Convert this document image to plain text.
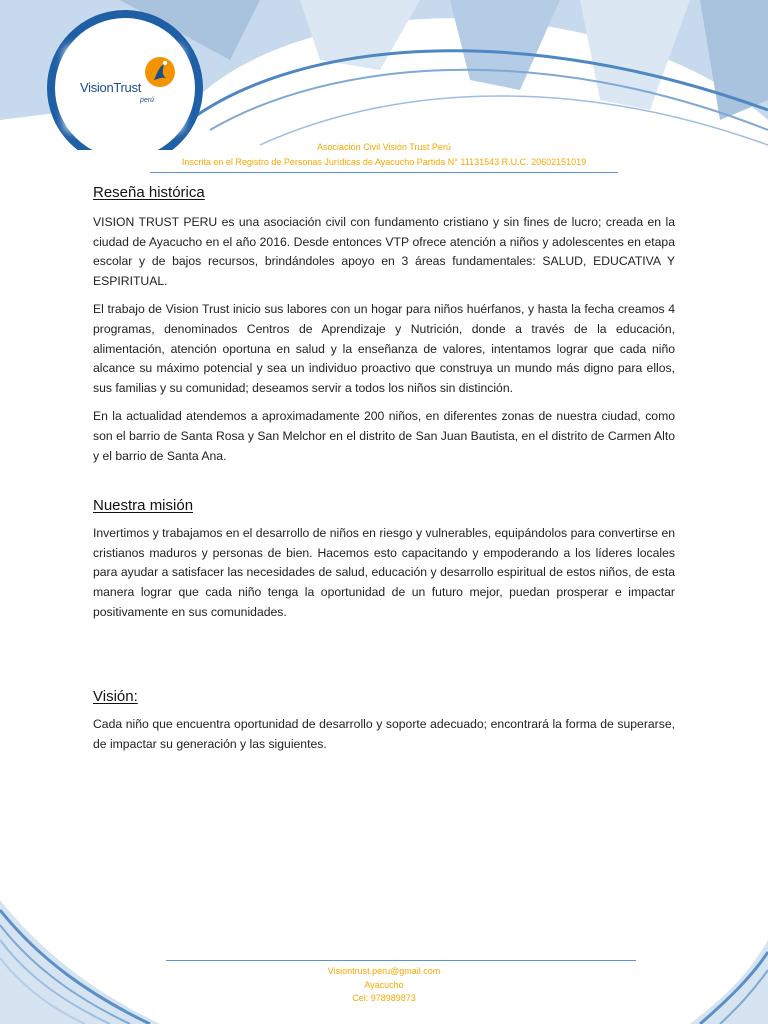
VisionTrust
perú
Asociación Civil Visión Trust Perú
Inscrita en el Registro de Personas Jurídicas de Ayacucho Partida N° 11131543 R.U.C. 20602151019
Reseña histórica

VISION TRUST PERU es una asociación civil con fundamento cristiano y sin fines de lucro; creada en la ciudad de Ayacucho en el año 2016. Desde entonces VTP ofrece atención a niños y adolescentes en etapa escolar y de bajos recursos, brindándoles apoyo en 3 áreas fundamentales: SALUD, EDUCATIVA Y ESPIRITUAL.

El trabajo de Vision Trust inicio sus labores con un hogar para niños huérfanos, y hasta la fecha creamos 4 programas, denominados Centros de Aprendizaje y Nutrición, donde a través de la educación, alimentación, atención oportuna en salud y la enseñanza de valores, intentamos lograr que cada niño alcance su máximo potencial y sea un individuo proactivo que construya un mundo más digno para ellos, sus familias y su comunidad; deseamos servir a todos los niños sin distinción.

En la actualidad atendemos a aproximadamente 200 niños, en diferentes zonas de nuestra ciudad, como son el barrio de Santa Rosa y San Melchor en el distrito de San Juan Bautista, en el distrito de Carmen Alto y el barrio de Santa Ana.

Nuestra misión

Invertimos y trabajamos en el desarrollo de niños en riesgo y vulnerables, equipándolos para convertirse en cristianos maduros y personas de bien. Hacemos esto capacitando y empoderando a los líderes locales para ayudar a satisfacer las necesidades de salud, educación y desarrollo espiritual de estos niños, de esta manera lograr que cada niño tenga la oportunidad de un futuro mejor, puedan prosperar e impactar positivamente en sus comunidades.

Visión:

Cada niño que encuentra oportunidad de desarrollo y soporte adecuado; encontrará la forma de superarse, de impactar su generación y las siguientes.

Visiontrust.peru@gmail.com
Ayacucho
Cel: 978989873
